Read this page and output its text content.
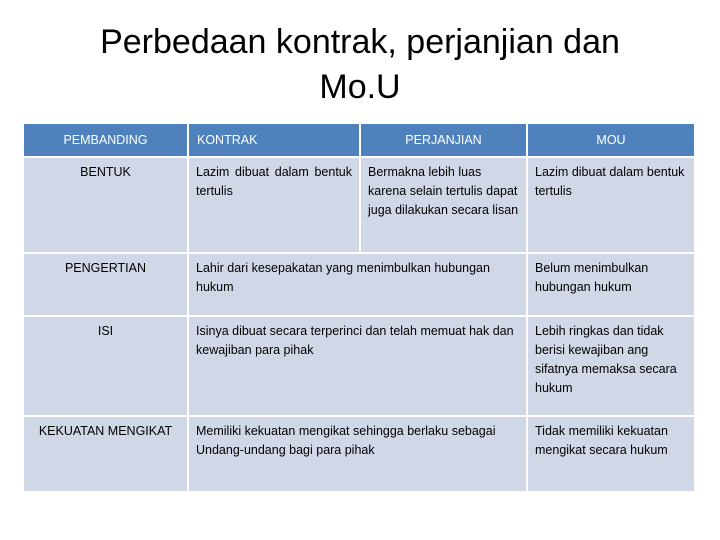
Perbedaan kontrak, perjanjian dan
Mo.U
PEMBANDING	KONTRAK	PERJANJIAN	MOU
BENTUK	Lazim dibuat dalam bentuk tertulis	Bermakna lebih luas karena selain tertulis dapat juga dilakukan secara lisan	Lazim dibuat dalam bentuk tertulis
PENGERTIAN	Lahir dari kesepakatan yang menimbulkan hubungan hukum		Belum menimbulkan hubungan hukum
ISI	Isinya dibuat secara terperinci dan telah memuat hak dan kewajiban para pihak		Lebih ringkas dan tidak berisi kewajiban ang sifatnya memaksa secara hukum
KEKUATAN MENGIKAT	Memiliki kekuatan mengikat sehingga berlaku sebagai Undang-undang bagi para pihak		Tidak memiliki kekuatan mengikat secara hukum
